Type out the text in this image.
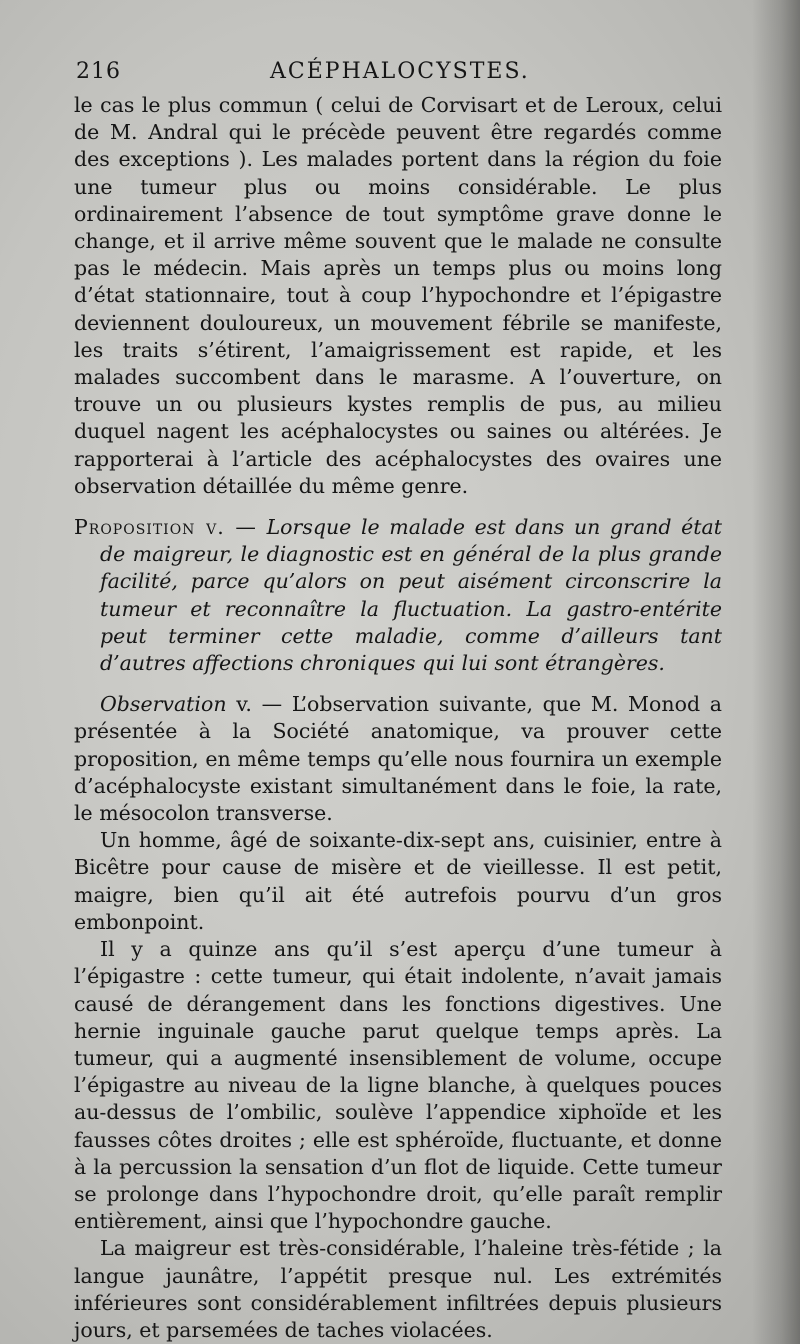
216	ACÉPHALOCYSTES.

le cas le plus commun ( celui de Corvisart et de Leroux, celui de M. Andral qui le précède peuvent être regardés comme des exceptions ). Les malades portent dans la région du foie une tumeur plus ou moins considérable. Le plus ordinairement l’absence de tout symptôme grave donne le change, et il arrive même souvent que le malade ne consulte pas le médecin. Mais après un temps plus ou moins long d’état stationnaire, tout à coup l’hypochondre et l’épigastre deviennent douloureux, un mouvement fébrile se manifeste, les traits s’étirent, l’amaigrissement est rapide, et les malades succombent dans le marasme. A l’ouverture, on trouve un ou plusieurs kystes remplis de pus, au milieu duquel nagent les acéphalocystes ou saines ou altérées. Je rapporterai à l’article des acéphalocystes des ovaires une observation détaillée du même genre.

Proposition v. — Lorsque le malade est dans un grand état de maigreur, le diagnostic est en général de la plus grande facilité, parce qu’alors on peut aisément circonscrire la tumeur et reconnaître la fluctuation. La gastro-entérite peut terminer cette maladie, comme d’ailleurs tant d’autres affections chroniques qui lui sont étrangères.

Observation v. — L’observation suivante, que M. Monod a présentée à la Société anatomique, va prouver cette proposition, en même temps qu’elle nous fournira un exemple d’acéphalocyste existant simultanément dans le foie, la rate, le mésocolon transverse.

Un homme, âgé de soixante-dix-sept ans, cuisinier, entre à Bicêtre pour cause de misère et de vieillesse. Il est petit, maigre, bien qu’il ait été autrefois pourvu d’un gros embonpoint.

Il y a quinze ans qu’il s’est aperçu d’une tumeur à l’épigastre : cette tumeur, qui était indolente, n’avait jamais causé de dérangement dans les fonctions digestives. Une hernie inguinale gauche parut quelque temps après. La tumeur, qui a augmenté insensiblement de volume, occupe l’épigastre au niveau de la ligne blanche, à quelques pouces au-dessus de l’ombilic, soulève l’appendice xiphoïde et les fausses côtes droites ; elle est sphéroïde, fluctuante, et donne à la percussion la sensation d’un flot de liquide. Cette tumeur se prolonge dans l’hypochondre droit, qu’elle paraît remplir entièrement, ainsi que l’hypochondre gauche.

La maigreur est très-considérable, l’haleine très-fétide ; la langue jaunâtre, l’appétit presque nul. Les extrémités inférieures sont considérablement infiltrées depuis plusieurs jours, et parsemées de taches violacées.
